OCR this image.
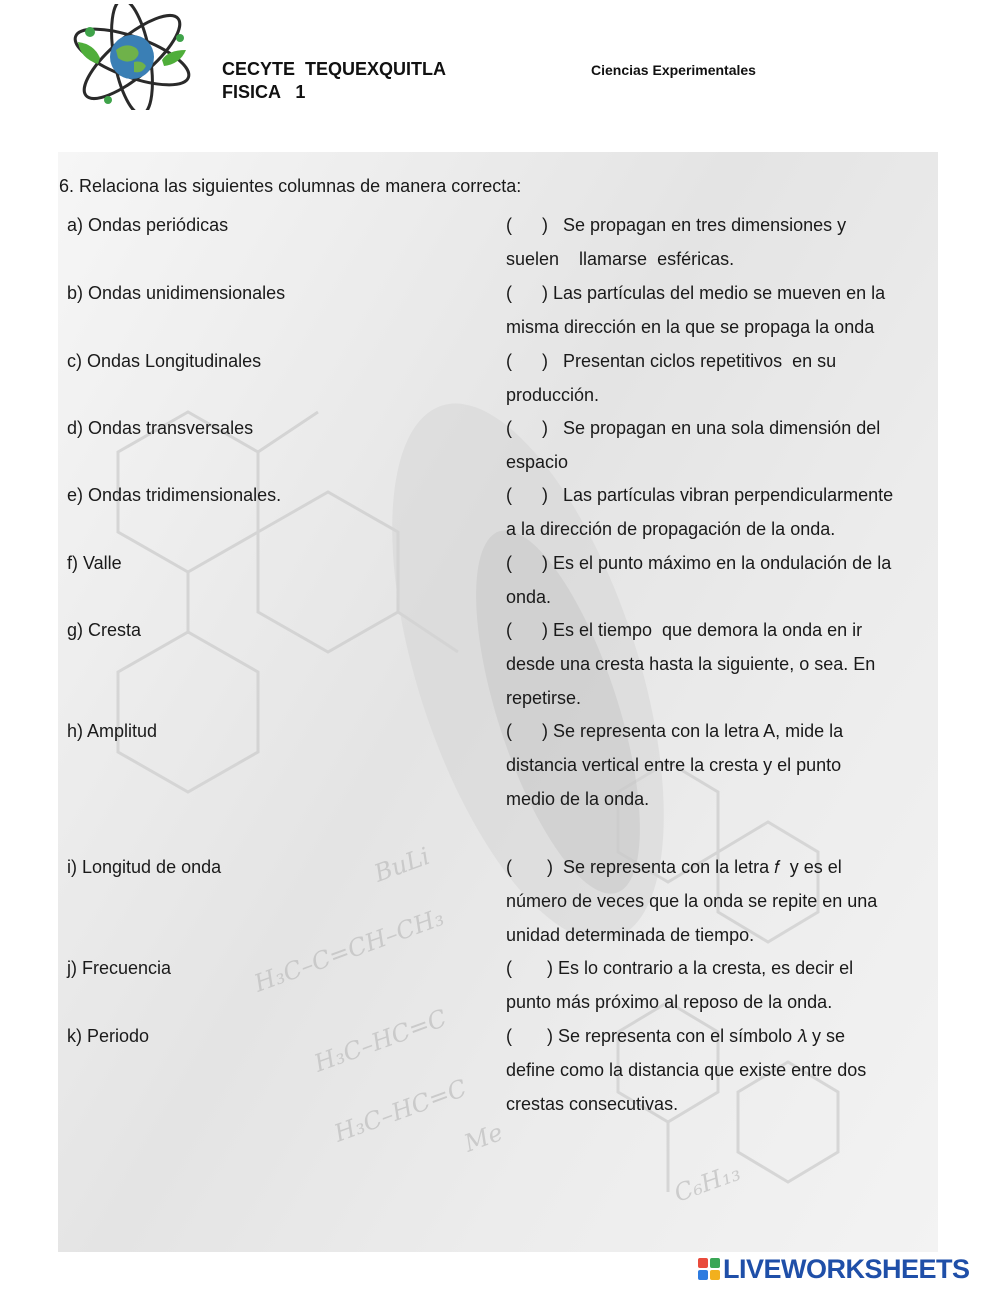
CECYTE  TEQUEXQUITLA
FISICA   1
Ciencias Experimentales
H₃C–C=CH–CH₃
H₃C–HC=C
H₃C–HC=C
BuLi
C₆H₁₃
Me
6. Relaciona las siguientes columnas de manera correcta:
a) Ondas periódicas	(      )   Se propagan en tres dimensiones y
suelen    llamarse  esféricas.
b) Ondas unidimensionales	(      ) Las partículas del medio se mueven en la
misma dirección en la que se propaga la onda
c) Ondas Longitudinales	(      )   Presentan ciclos repetitivos  en su
producción.
d) Ondas transversales	(      )   Se propagan en una sola dimensión del
espacio
e) Ondas tridimensionales.	(      )   Las partículas vibran perpendicularmente
a la dirección de propagación de la onda.
f) Valle	(      ) Es el punto máximo en la ondulación de la
onda.
g) Cresta	(      ) Es el tiempo  que demora la onda en ir
desde una cresta hasta la siguiente, o sea. En
repetirse.
h) Amplitud	(      ) Se representa con la letra A, mide la
distancia vertical entre la cresta y el punto
medio de la onda.
i) Longitud de onda	(       )  Se representa con la letra 𝑓  y es el
número de veces que la onda se repite en una
unidad determinada de tiempo.
j) Frecuencia	(       ) Es lo contrario a la cresta, es decir el
punto más próximo al reposo de la onda.
k) Periodo	(       ) Se representa con el símbolo 𝜆 y se
define como la distancia que existe entre dos
crestas consecutivas.
LIVEWORKSHEETS
